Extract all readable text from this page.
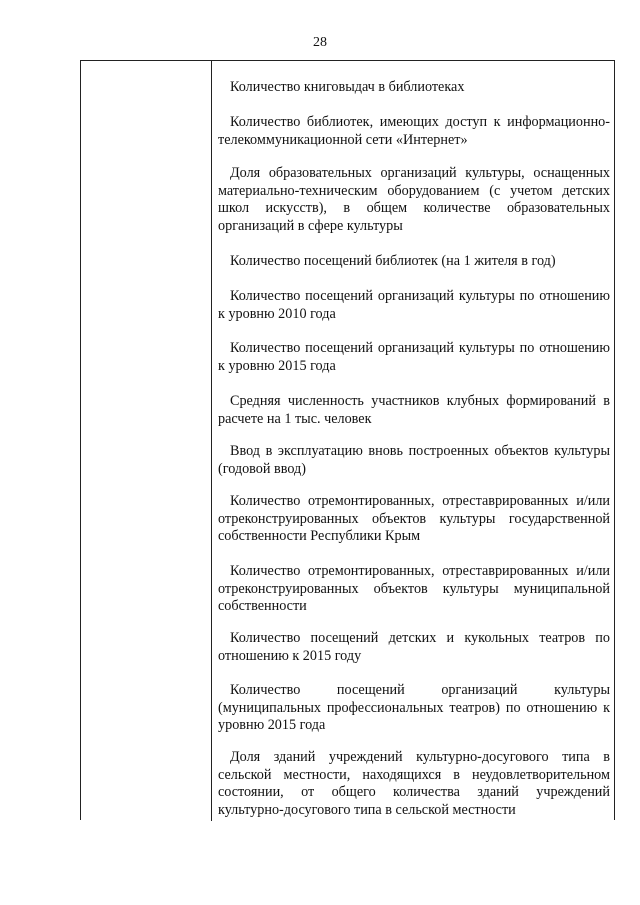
28
Количество книговыдач в библиотеках
Количество библиотек, имеющих доступ к информационно-телекоммуникационной сети «Интернет»
Доля образовательных организаций культуры, оснащенных материально-техническим оборудованием (с учетом детских школ искусств), в общем количестве образовательных организаций в сфере культуры
Количество посещений библиотек (на 1 жителя в год)
Количество посещений организаций культуры по отношению к уровню 2010 года
Количество посещений организаций культуры по отношению к уровню 2015 года
Средняя численность участников клубных формирований в расчете на 1 тыс. человек
Ввод в эксплуатацию вновь построенных объектов культуры (годовой ввод)
Количество отремонтированных, отреставрированных и/или отреконструированных объектов культуры государственной собственности Республики Крым
Количество отремонтированных, отреставрированных и/или отреконструированных объектов культуры муниципальной собственности
Количество посещений детских и кукольных театров по отношению к 2015 году
Количество посещений организаций культуры (муниципальных профессиональных театров) по отношению к уровню 2015 года
Доля зданий учреждений культурно-досугового типа в сельской местности, находящихся в неудовлетворительном состоянии, от общего количества зданий учреждений культурно-досугового типа в сельской местности
